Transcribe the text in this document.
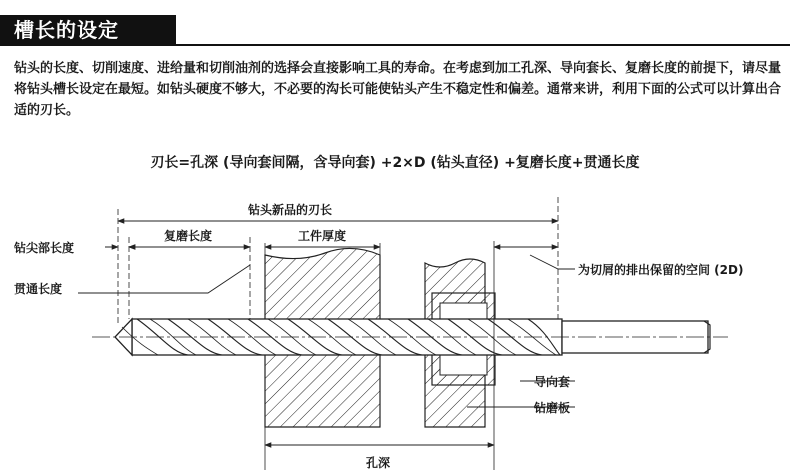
槽长的设定
钻头的长度、切削速度、进给量和切削油剂的选择会直接影响工具的寿命。在考虑到加工孔深、导向套长、复磨长度的前提下，请尽量将钻头槽长设定在最短。如钻头硬度不够大，不必要的沟长可能使钻头产生不稳定性和偏差。通常来讲，利用下面的公式可以计算出合适的刃长。
刃长=孔深 (导向套间隔，含导向套) +2×D (钻头直径) +复磨长度+贯通长度
钻头新品的刃长
钻尖部长度
复磨长度	工件厚度
贯通长度
为切屑的排出保留的空间 (2D)
导向套
钻磨板
孔深
